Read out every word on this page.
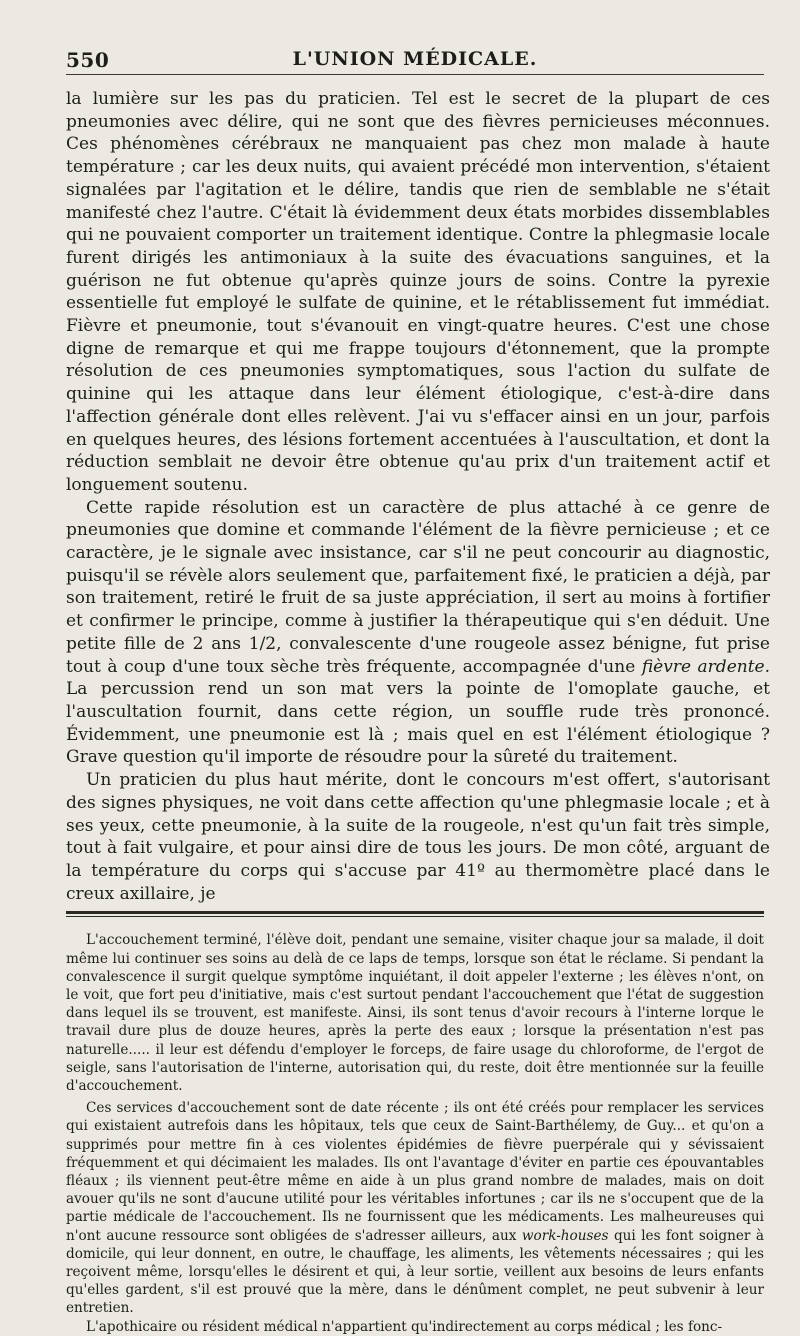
550	L'UNION MÉDICALE.

la lumière sur les pas du praticien. Tel est le secret de la plupart de ces pneumonies avec délire, qui ne sont que des fièvres pernicieuses méconnues. Ces phénomènes cérébraux ne manquaient pas chez mon malade à haute température ; car les deux nuits, qui avaient précédé mon intervention, s'étaient signalées par l'agitation et le délire, tandis que rien de semblable ne s'était manifesté chez l'autre. C'était là évidemment deux états morbides dissemblables qui ne pouvaient comporter un traitement identique. Contre la phlegmasie locale furent dirigés les antimoniaux à la suite des évacuations sanguines, et la guérison ne fut obtenue qu'après quinze jours de soins. Contre la pyrexie essentielle fut employé le sulfate de quinine, et le rétablissement fut immédiat. Fièvre et pneumonie, tout s'évanouit en vingt-quatre heures. C'est une chose digne de remarque et qui me frappe toujours d'étonnement, que la prompte résolution de ces pneumonies symptomatiques, sous l'action du sulfate de quinine qui les attaque dans leur élément étiologique, c'est-à-dire dans l'affection générale dont elles relèvent. J'ai vu s'effacer ainsi en un jour, parfois en quelques heures, des lésions fortement accentuées à l'auscultation, et dont la réduction semblait ne devoir être obtenue qu'au prix d'un traitement actif et longuement soutenu.

Cette rapide résolution est un caractère de plus attaché à ce genre de pneumonies que domine et commande l'élément de la fièvre pernicieuse ; et ce caractère, je le signale avec insistance, car s'il ne peut concourir au diagnostic, puisqu'il se révèle alors seulement que, parfaitement fixé, le praticien a déjà, par son traitement, retiré le fruit de sa juste appréciation, il sert au moins à fortifier et confirmer le principe, comme à justifier la thérapeutique qui s'en déduit. Une petite fille de 2 ans 1/2, convalescente d'une rougeole assez bénigne, fut prise tout à coup d'une toux sèche très fréquente, accompagnée d'une fièvre ardente. La percussion rend un son mat vers la pointe de l'omoplate gauche, et l'auscultation fournit, dans cette région, un souffle rude très prononcé. Évidemment, une pneumonie est là ; mais quel en est l'élément étiologique ? Grave question qu'il importe de résoudre pour la sûreté du traitement.

Un praticien du plus haut mérite, dont le concours m'est offert, s'autorisant des signes physiques, ne voit dans cette affection qu'une phlegmasie locale ; et à ses yeux, cette pneumonie, à la suite de la rougeole, n'est qu'un fait très simple, tout à fait vulgaire, et pour ainsi dire de tous les jours. De mon côté, arguant de la température du corps qui s'accuse par 41º au thermomètre placé dans le creux axillaire, je

L'accouchement terminé, l'élève doit, pendant une semaine, visiter chaque jour sa malade, il doit même lui continuer ses soins au delà de ce laps de temps, lorsque son état le réclame. Si pendant la convalescence il surgit quelque symptôme inquiétant, il doit appeler l'externe ; les élèves n'ont, on le voit, que fort peu d'initiative, mais c'est surtout pendant l'accouchement que l'état de suggestion dans lequel ils se trouvent, est manifeste. Ainsi, ils sont tenus d'avoir recours à l'interne lorque le travail dure plus de douze heures, après la perte des eaux ; lorsque la présentation n'est pas naturelle..... il leur est défendu d'employer le forceps, de faire usage du chloroforme, de l'ergot de seigle, sans l'autorisation de l'interne, autorisation qui, du reste, doit être mentionnée sur la feuille d'accouchement.

Ces services d'accouchement sont de date récente ; ils ont été créés pour remplacer les services qui existaient autrefois dans les hôpitaux, tels que ceux de Saint-Barthélemy, de Guy... et qu'on a supprimés pour mettre fin à ces violentes épidémies de fièvre puerpérale qui y sévissaient fréquemment et qui décimaient les malades. Ils ont l'avantage d'éviter en partie ces épouvantables fléaux ; ils viennent peut-être même en aide à un plus grand nombre de malades, mais on doit avouer qu'ils ne sont d'aucune utilité pour les véritables infortunes ; car ils ne s'occupent que de la partie médicale de l'accouchement. Ils ne fournissent que les médicaments. Les malheureuses qui n'ont aucune ressource sont obligées de s'adresser ailleurs, aux work-houses qui les font soigner à domicile, qui leur donnent, en outre, le chauffage, les aliments, les vêtements nécessaires ; qui les reçoivent même, lorsqu'elles le désirent et qui, à leur sortie, veillent aux besoins de leurs enfants qu'elles gardent, s'il est prouvé que la mère, dans le dénûment complet, ne peut subvenir à leur entretien.

L'apothicaire ou résident médical n'appartient qu'indirectement au corps médical ; les fonc-
